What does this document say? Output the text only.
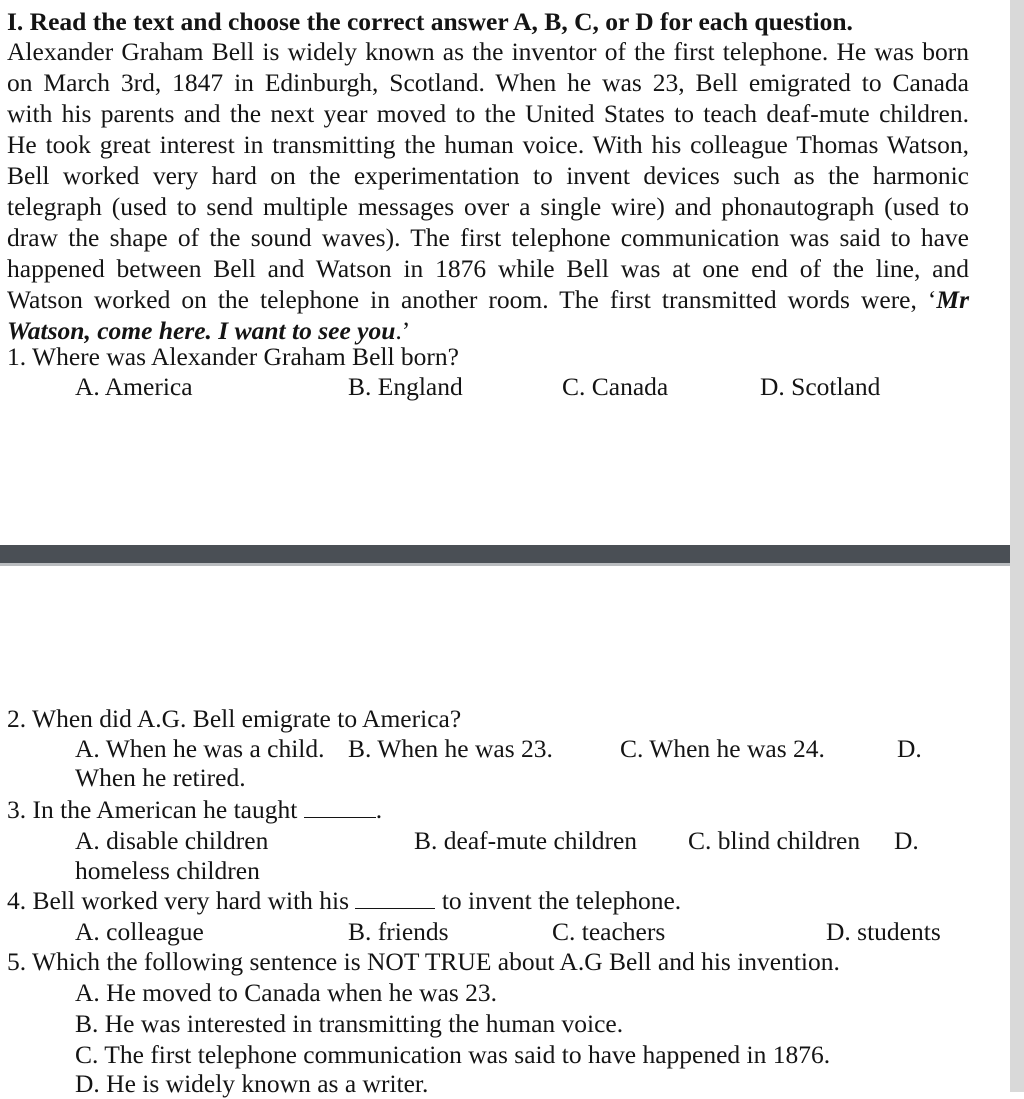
I. Read the text and choose the correct answer A, B, C, or D for each question.
Alexander Graham Bell is widely known as the inventor of the first telephone. He was born
on March 3rd, 1847 in Edinburgh, Scotland. When he was 23, Bell emigrated to Canada
with his parents and the next year moved to the United States to teach deaf-mute children.
He took great interest in transmitting the human voice. With his colleague Thomas Watson,
Bell worked very hard on the experimentation to invent devices such as the harmonic
telegraph (used to send multiple messages over a single wire) and phonautograph (used to
draw the shape of the sound waves). The first telephone communication was said to have
happened between Bell and Watson in 1876 while Bell was at one end of the line, and
Watson worked on the telephone in another room. The first transmitted words were, ‘Mr
Watson, come here. I want to see you.’
1. Where was Alexander Graham Bell born?
A. America	B. England	C. Canada	D. Scotland
2. When did A.G. Bell emigrate to America?
A. When he was a child. B. When he was 23.	C. When he was 24.	D.
When he retired.
3. In the American he taught	.
A. disable children	B. deaf-mute children C. blind children D.
homeless children
4. Bell worked very hard with his	to invent the telephone.
A. colleague	B. friends	C. teachers	D. students
5. Which the following sentence is NOT TRUE about A.G Bell and his invention.
A. He moved to Canada when he was 23.
B. He was interested in transmitting the human voice.
C. The first telephone communication was said to have happened in 1876.
D. He is widely known as a writer.
